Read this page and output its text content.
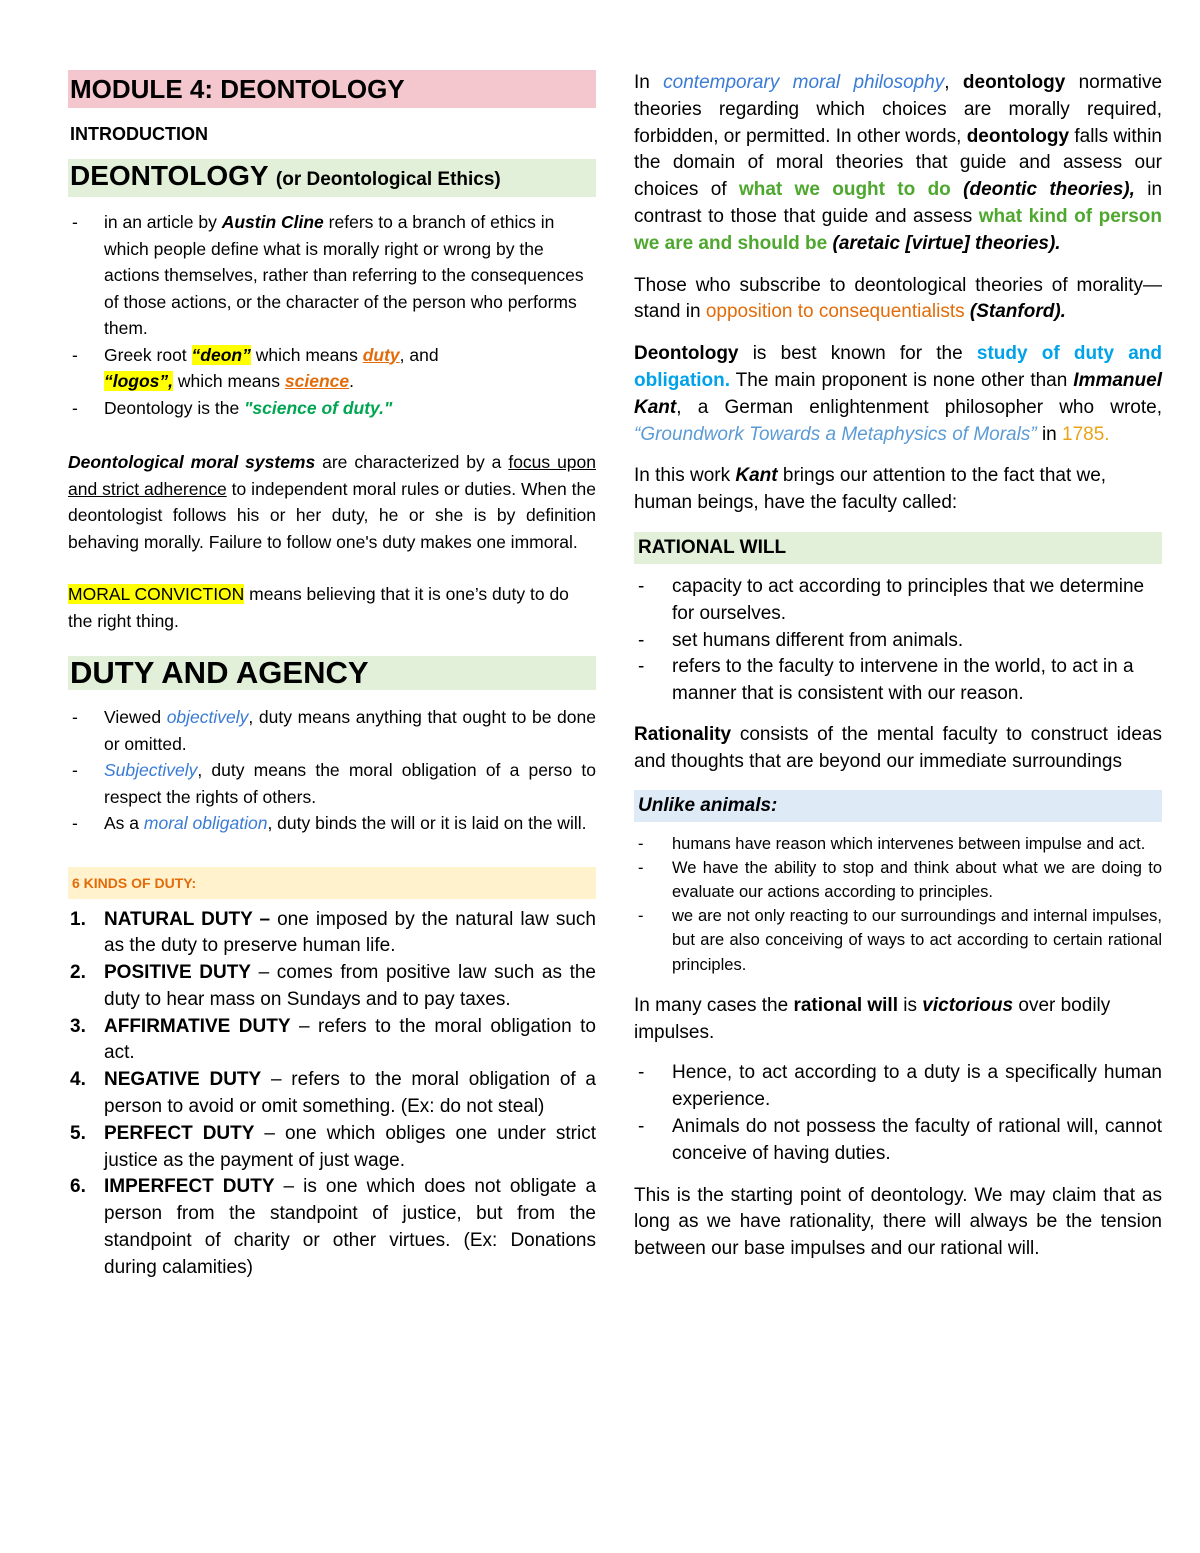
MODULE 4: DEONTOLOGY
INTRODUCTION
DEONTOLOGY (or Deontological Ethics)
- in an article by Austin Cline refers to a branch of ethics in which people define what is morally right or wrong by the actions themselves, rather than referring to the consequences of those actions, or the character of the person who performs them.
- Greek root “deon” which means duty, and
“logos”, which means science.
- Deontology is the "science of duty."

Deontological moral systems are characterized by a focus upon and strict adherence to independent moral rules or duties. When the deontologist follows his or her duty, he or she is by definition behaving morally. Failure to follow one's duty makes one immoral.

MORAL CONVICTION means believing that it is one’s duty to do the right thing.

DUTY AND AGENCY
- Viewed objectively, duty means anything that ought to be done or omitted.
- Subjectively, duty means the moral obligation of a perso to respect the rights of others.
- As a moral obligation, duty binds the will or it is laid on the will.
6 KINDS OF DUTY:
1. NATURAL DUTY – one imposed by the natural law such as the duty to preserve human life.
2. POSITIVE DUTY – comes from positive law such as the duty to hear mass on Sundays and to pay taxes.
3. AFFIRMATIVE DUTY – refers to the moral obligation to act.
4. NEGATIVE DUTY – refers to the moral obligation of a person to avoid or omit something. (Ex: do not steal)
5. PERFECT DUTY – one which obliges one under strict justice as the payment of just wage.
6. IMPERFECT DUTY – is one which does not obligate a person from the standpoint of justice, but from the standpoint of charity or other virtues. (Ex: Donations during calamities)

In contemporary moral philosophy, deontology normative theories regarding which choices are morally required, forbidden, or permitted. In other words, deontology falls within the domain of moral theories that guide and assess our choices of what we ought to do (deontic theories), in contrast to those that guide and assess what kind of person we are and should be (aretaic [virtue] theories).

Those who subscribe to deontological theories of morality— stand in opposition to consequentialists (Stanford).

Deontology is best known for the study of duty and obligation. The main proponent is none other than Immanuel Kant, a German enlightenment philosopher who wrote, “Groundwork Towards a Metaphysics of Morals” in 1785.

In this work Kant brings our attention to the fact that we, human beings, have the faculty called:

RATIONAL WILL
- capacity to act according to principles that we determine for ourselves.
- set humans different from animals.
- refers to the faculty to intervene in the world, to act in a manner that is consistent with our reason.

Rationality consists of the mental faculty to construct ideas and thoughts that are beyond our immediate surroundings

Unlike animals:
- humans have reason which intervenes between impulse and act.
- We have the ability to stop and think about what we are doing to evaluate our actions according to principles.
- we are not only reacting to our surroundings and internal impulses, but are also conceiving of ways to act according to certain rational principles.

In many cases the rational will is victorious over bodily impulses.

- Hence, to act according to a duty is a specifically human experience.
- Animals do not possess the faculty of rational will, cannot conceive of having duties.

This is the starting point of deontology. We may claim that as long as we have rationality, there will always be the tension between our base impulses and our rational will.
